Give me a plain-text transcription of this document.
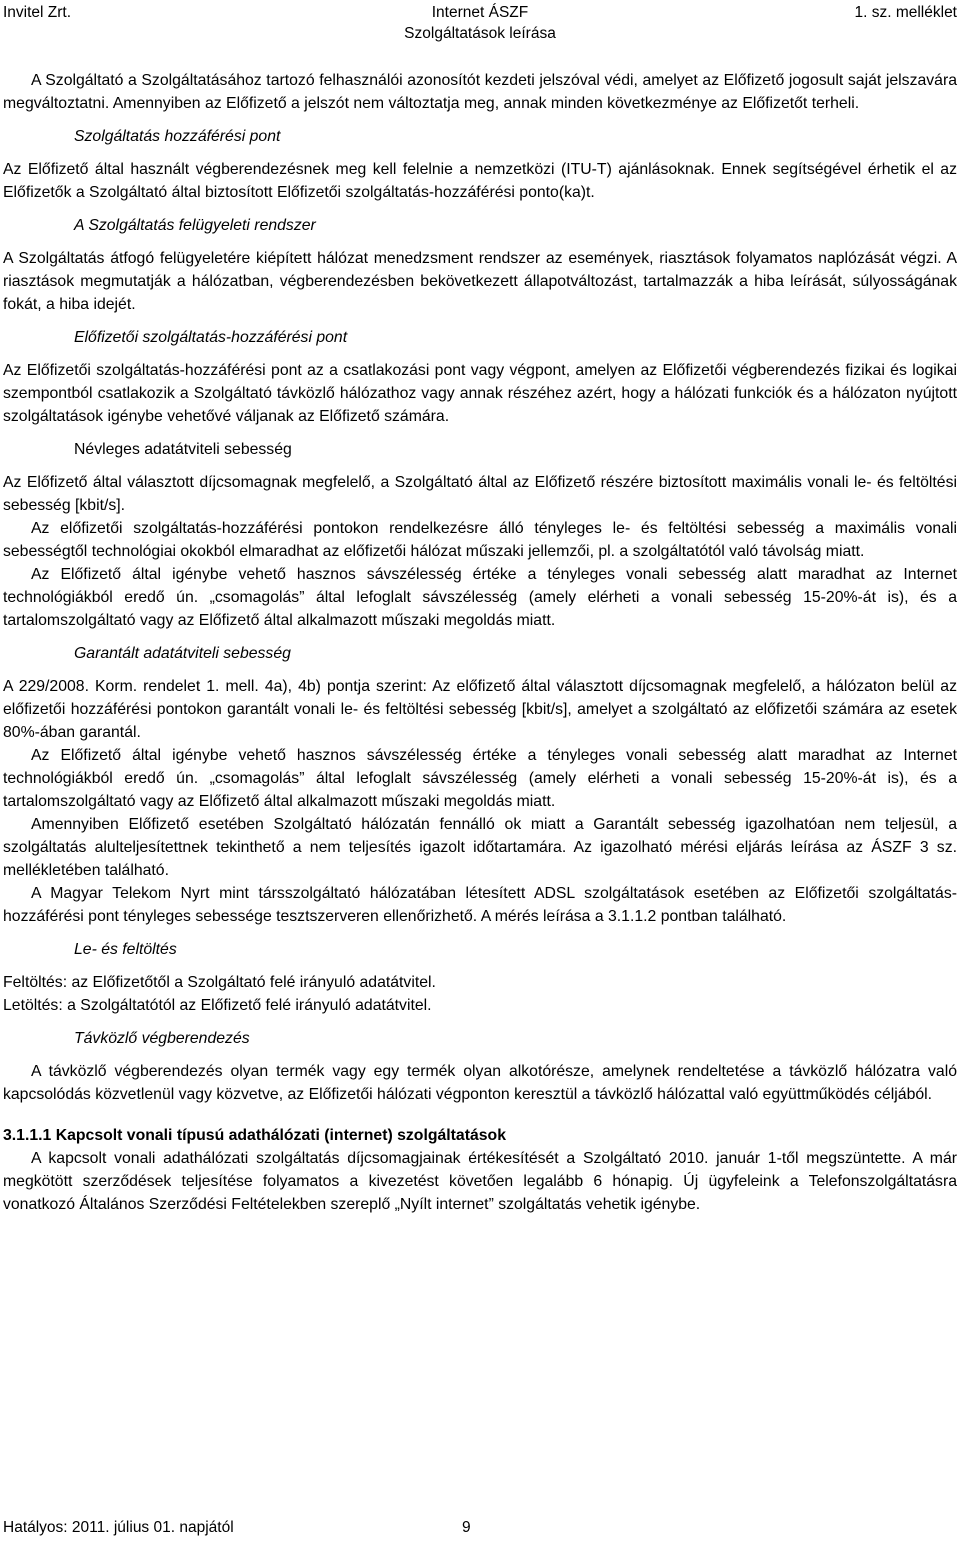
Invitel Zrt.	Internet ÁSZF
Szolgáltatások leírása
1. sz. melléklet

A Szolgáltató a Szolgáltatásához tartozó felhasználói azonosítót kezdeti jelszóval védi, amelyet az Előfizető jogosult saját jelszavára megváltoztatni. Amennyiben az Előfizető a jelszót nem változtatja meg, annak minden következménye az Előfizetőt terheli.

Szolgáltatás hozzáférési pont

Az Előfizető által használt végberendezésnek meg kell felelnie a nemzetközi (ITU-T) ajánlásoknak. Ennek segítségével érhetik el az Előfizetők a Szolgáltató által biztosított Előfizetői szolgáltatás-hozzáférési ponto(ka)t.

A Szolgáltatás felügyeleti rendszer

A Szolgáltatás átfogó felügyeletére kiépített hálózat menedzsment rendszer az események, riasztások folyamatos naplózását végzi. A riasztások megmutatják a hálózatban, végberendezésben bekövetkezett állapotváltozást, tartalmazzák a hiba leírását, súlyosságának fokát, a hiba idejét.

Előfizetői szolgáltatás-hozzáférési pont

Az Előfizetői szolgáltatás-hozzáférési pont az a csatlakozási pont vagy végpont, amelyen az Előfizetői végberendezés fizikai és logikai szempontból csatlakozik a Szolgáltató távközlő hálózathoz vagy annak részéhez azért, hogy a hálózati funkciók és a hálózaton nyújtott szolgáltatások igénybe vehetővé váljanak az Előfizető számára.

Névleges adatátviteli sebesség

Az Előfizető által választott díjcsomagnak megfelelő, a Szolgáltató által az Előfizető részére biztosított maximális vonali le- és feltöltési sebesség [kbit/s].

Az előfizetői szolgáltatás-hozzáférési pontokon rendelkezésre álló tényleges le- és feltöltési sebesség a maximális vonali sebességtől technológiai okokból elmaradhat az előfizetői hálózat műszaki jellemzői, pl. a szolgáltatótól való távolság miatt.

Az Előfizető által igénybe vehető hasznos sávszélesség értéke a tényleges vonali sebesség alatt maradhat az Internet technológiákból eredő ún. „csomagolás” által lefoglalt sávszélesség (amely elérheti a vonali sebesség 15-20%-át is), és a tartalomszolgáltató vagy az Előfizető által alkalmazott műszaki megoldás miatt.

Garantált adatátviteli sebesség

A 229/2008. Korm. rendelet 1. mell. 4a), 4b) pontja szerint: Az előfizető által választott díjcsomagnak megfelelő, a hálózaton belül az előfizetői hozzáférési pontokon garantált vonali le- és feltöltési sebesség [kbit/s], amelyet a szolgáltató az előfizetői számára az esetek 80%-ában garantál.

Az Előfizető által igénybe vehető hasznos sávszélesség értéke a tényleges vonali sebesség alatt maradhat az Internet technológiákból eredő ún. „csomagolás” által lefoglalt sávszélesség (amely elérheti a vonali sebesség 15-20%-át is), és a tartalomszolgáltató vagy az Előfizető által alkalmazott műszaki megoldás miatt.

Amennyiben Előfizető esetében Szolgáltató hálózatán fennálló ok miatt a Garantált sebesség igazolhatóan nem teljesül, a szolgáltatás alulteljesítettnek tekinthető a nem teljesítés igazolt időtartamára. Az igazolható mérési eljárás leírása az ÁSZF 3 sz. mellékletében található.

A Magyar Telekom Nyrt mint társszolgáltató hálózatában létesített ADSL szolgáltatások esetében az Előfizetői szolgáltatás-hozzáférési pont tényleges sebessége tesztszerveren ellenőrizhető. A mérés leírása a 3.1.1.2 pontban található.

Le- és feltöltés

Feltöltés: az Előfizetőtől a Szolgáltató felé irányuló adatátvitel.

Letöltés: a Szolgáltatótól az Előfizető felé irányuló adatátvitel.

Távközlő végberendezés

A távközlő végberendezés olyan termék vagy egy termék olyan alkotórésze, amelynek rendeltetése a távközlő hálózatra való kapcsolódás közvetlenül vagy közvetve, az Előfizetői hálózati végponton keresztül a távközlő hálózattal való együttműködés céljából.

3.1.1.1 Kapcsolt vonali típusú adathálózati (internet) szolgáltatások

A kapcsolt vonali adathálózati szolgáltatás díjcsomagjainak értékesítését a Szolgáltató 2010. január 1-től megszüntette. A már megkötött szerződések teljesítése folyamatos a kivezetést követően legalább 6 hónapig. Új ügyfeleink a Telefonszolgáltatásra vonatkozó Általános Szerződési Feltételekben szereplő „Nyílt internet” szolgáltatás vehetik igénybe.

Hatályos: 2011. július 01. napjától	9
